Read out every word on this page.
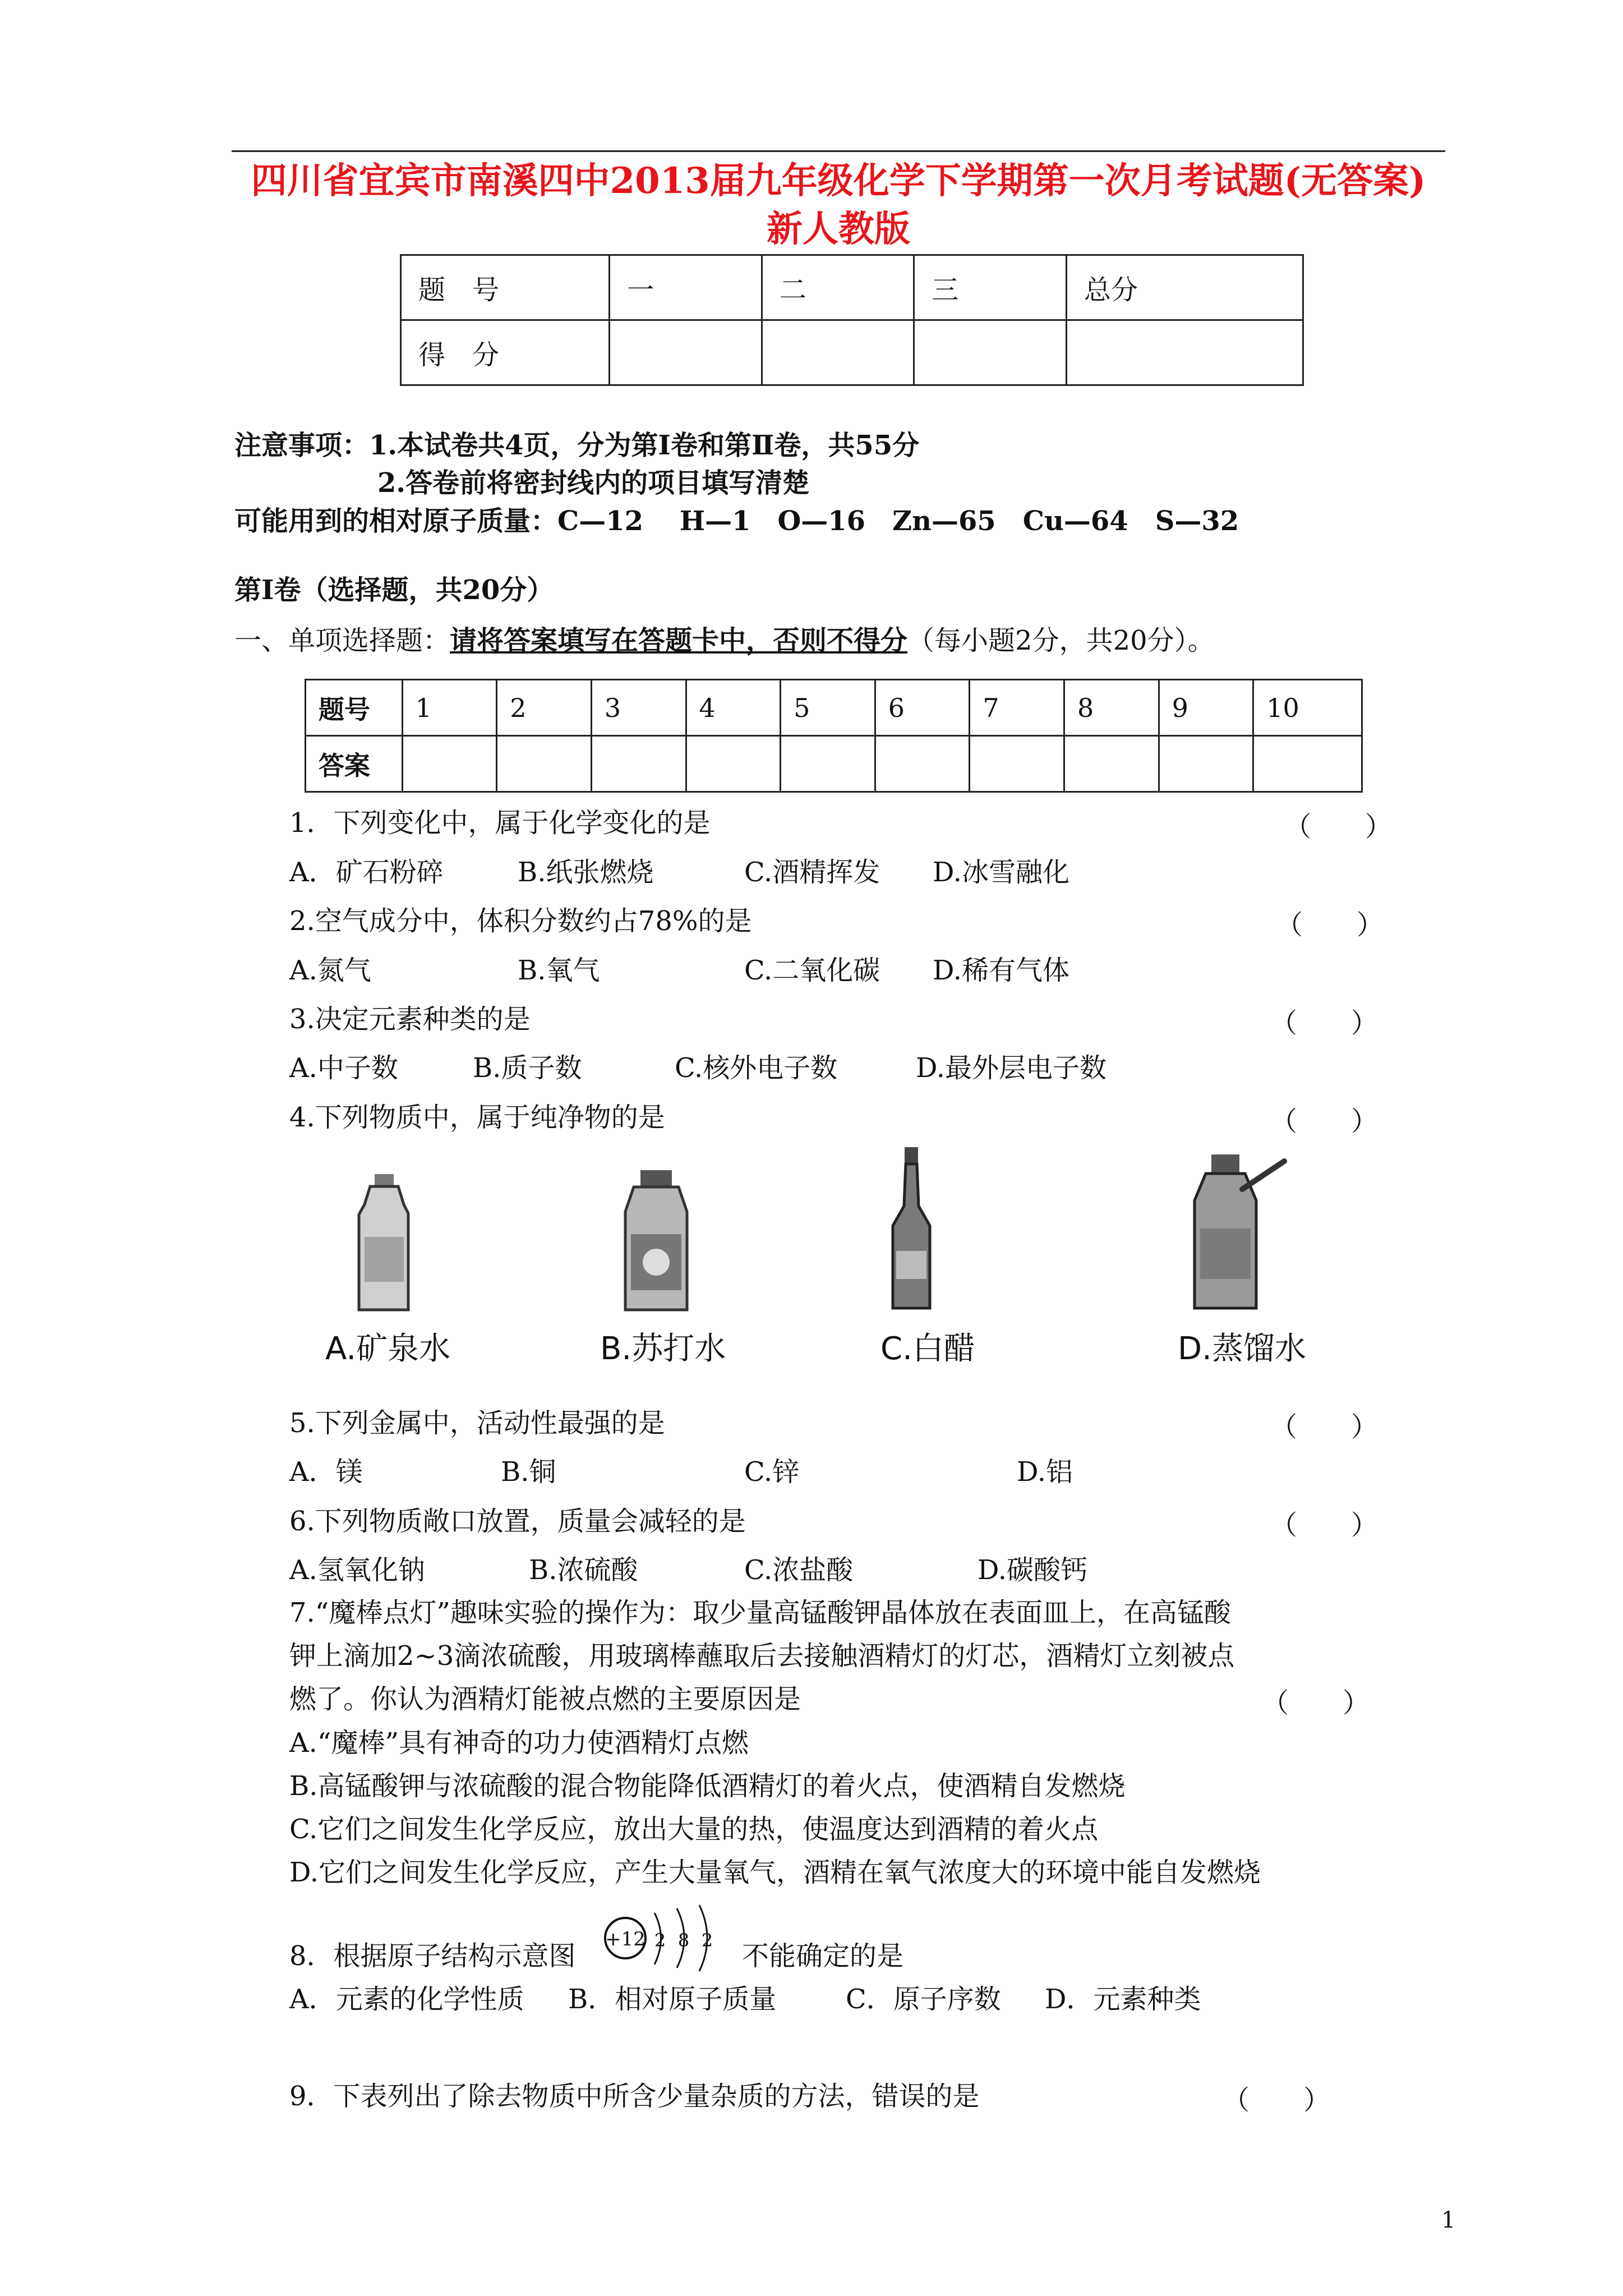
四川省宜宾市南溪四中2013届九年级化学下学期第一次月考试题(无答案)
新人教版
题　号	一	二	三	总分
得　分				
注意事项：1.本试卷共4页，分为第Ⅰ卷和第Ⅱ卷，共55分
2.答卷前将密封线内的项目填写清楚
可能用到的相对原子质量：C—12　 H—1　O—16　Zn—65　Cu—64　S—32
第Ⅰ卷（选择题，共20分）
一、单项选择题：请将答案填写在答题卡中，否则不得分（每小题2分，共20分）。
题号	1	2	3	4	5	6	7	8	9	10
答案										
1．下列变化中，属于化学变化的是	（　　）
A．矿石粉碎	B.纸张燃烧	C.酒精挥发 D.冰雪融化
2.空气成分中，体积分数约占78%的是	（　　）
A.氮气	B.氧气	C.二氧化碳 D.稀有气体
3.决定元素种类的是	（　　）
A.中子数	B.质子数	C.核外电子数	D.最外层电子数
4.下列物质中，属于纯净物的是	（　　）
A.矿泉水	B.苏打水	C.白醋	D.蒸馏水
5.下列金属中，活动性最强的是	（　　）
A．镁	B.铜	C.锌	D.铝
6.下列物质敞口放置，质量会减轻的是	（　　）
A.氢氧化钠	B.浓硫酸	C.浓盐酸	D.碳酸钙
7.“魔棒点灯”趣味实验的操作为：取少量高锰酸钾晶体放在表面皿上，在高锰酸
钾上滴加2~3滴浓硫酸，用玻璃棒蘸取后去接触酒精灯的灯芯，酒精灯立刻被点
燃了。你认为酒精灯能被点燃的主要原因是	（　　）
A.“魔棒”具有神奇的功力使酒精灯点燃
B.高锰酸钾与浓硫酸的混合物能降低酒精灯的着火点，使酒精自发燃烧
C.它们之间发生化学反应，放出大量的热，使温度达到酒精的着火点
D.它们之间发生化学反应，产生大量氧气，酒精在氧气浓度大的环境中能自发燃烧
8．根据原子结构示意图
+12 2 8 2 不能确定的是
A．元素的化学性质 B．相对原子质量	C．原子序数 D．元素种类
9．下表列出了除去物质中所含少量杂质的方法，错误的是	（　　）
1
